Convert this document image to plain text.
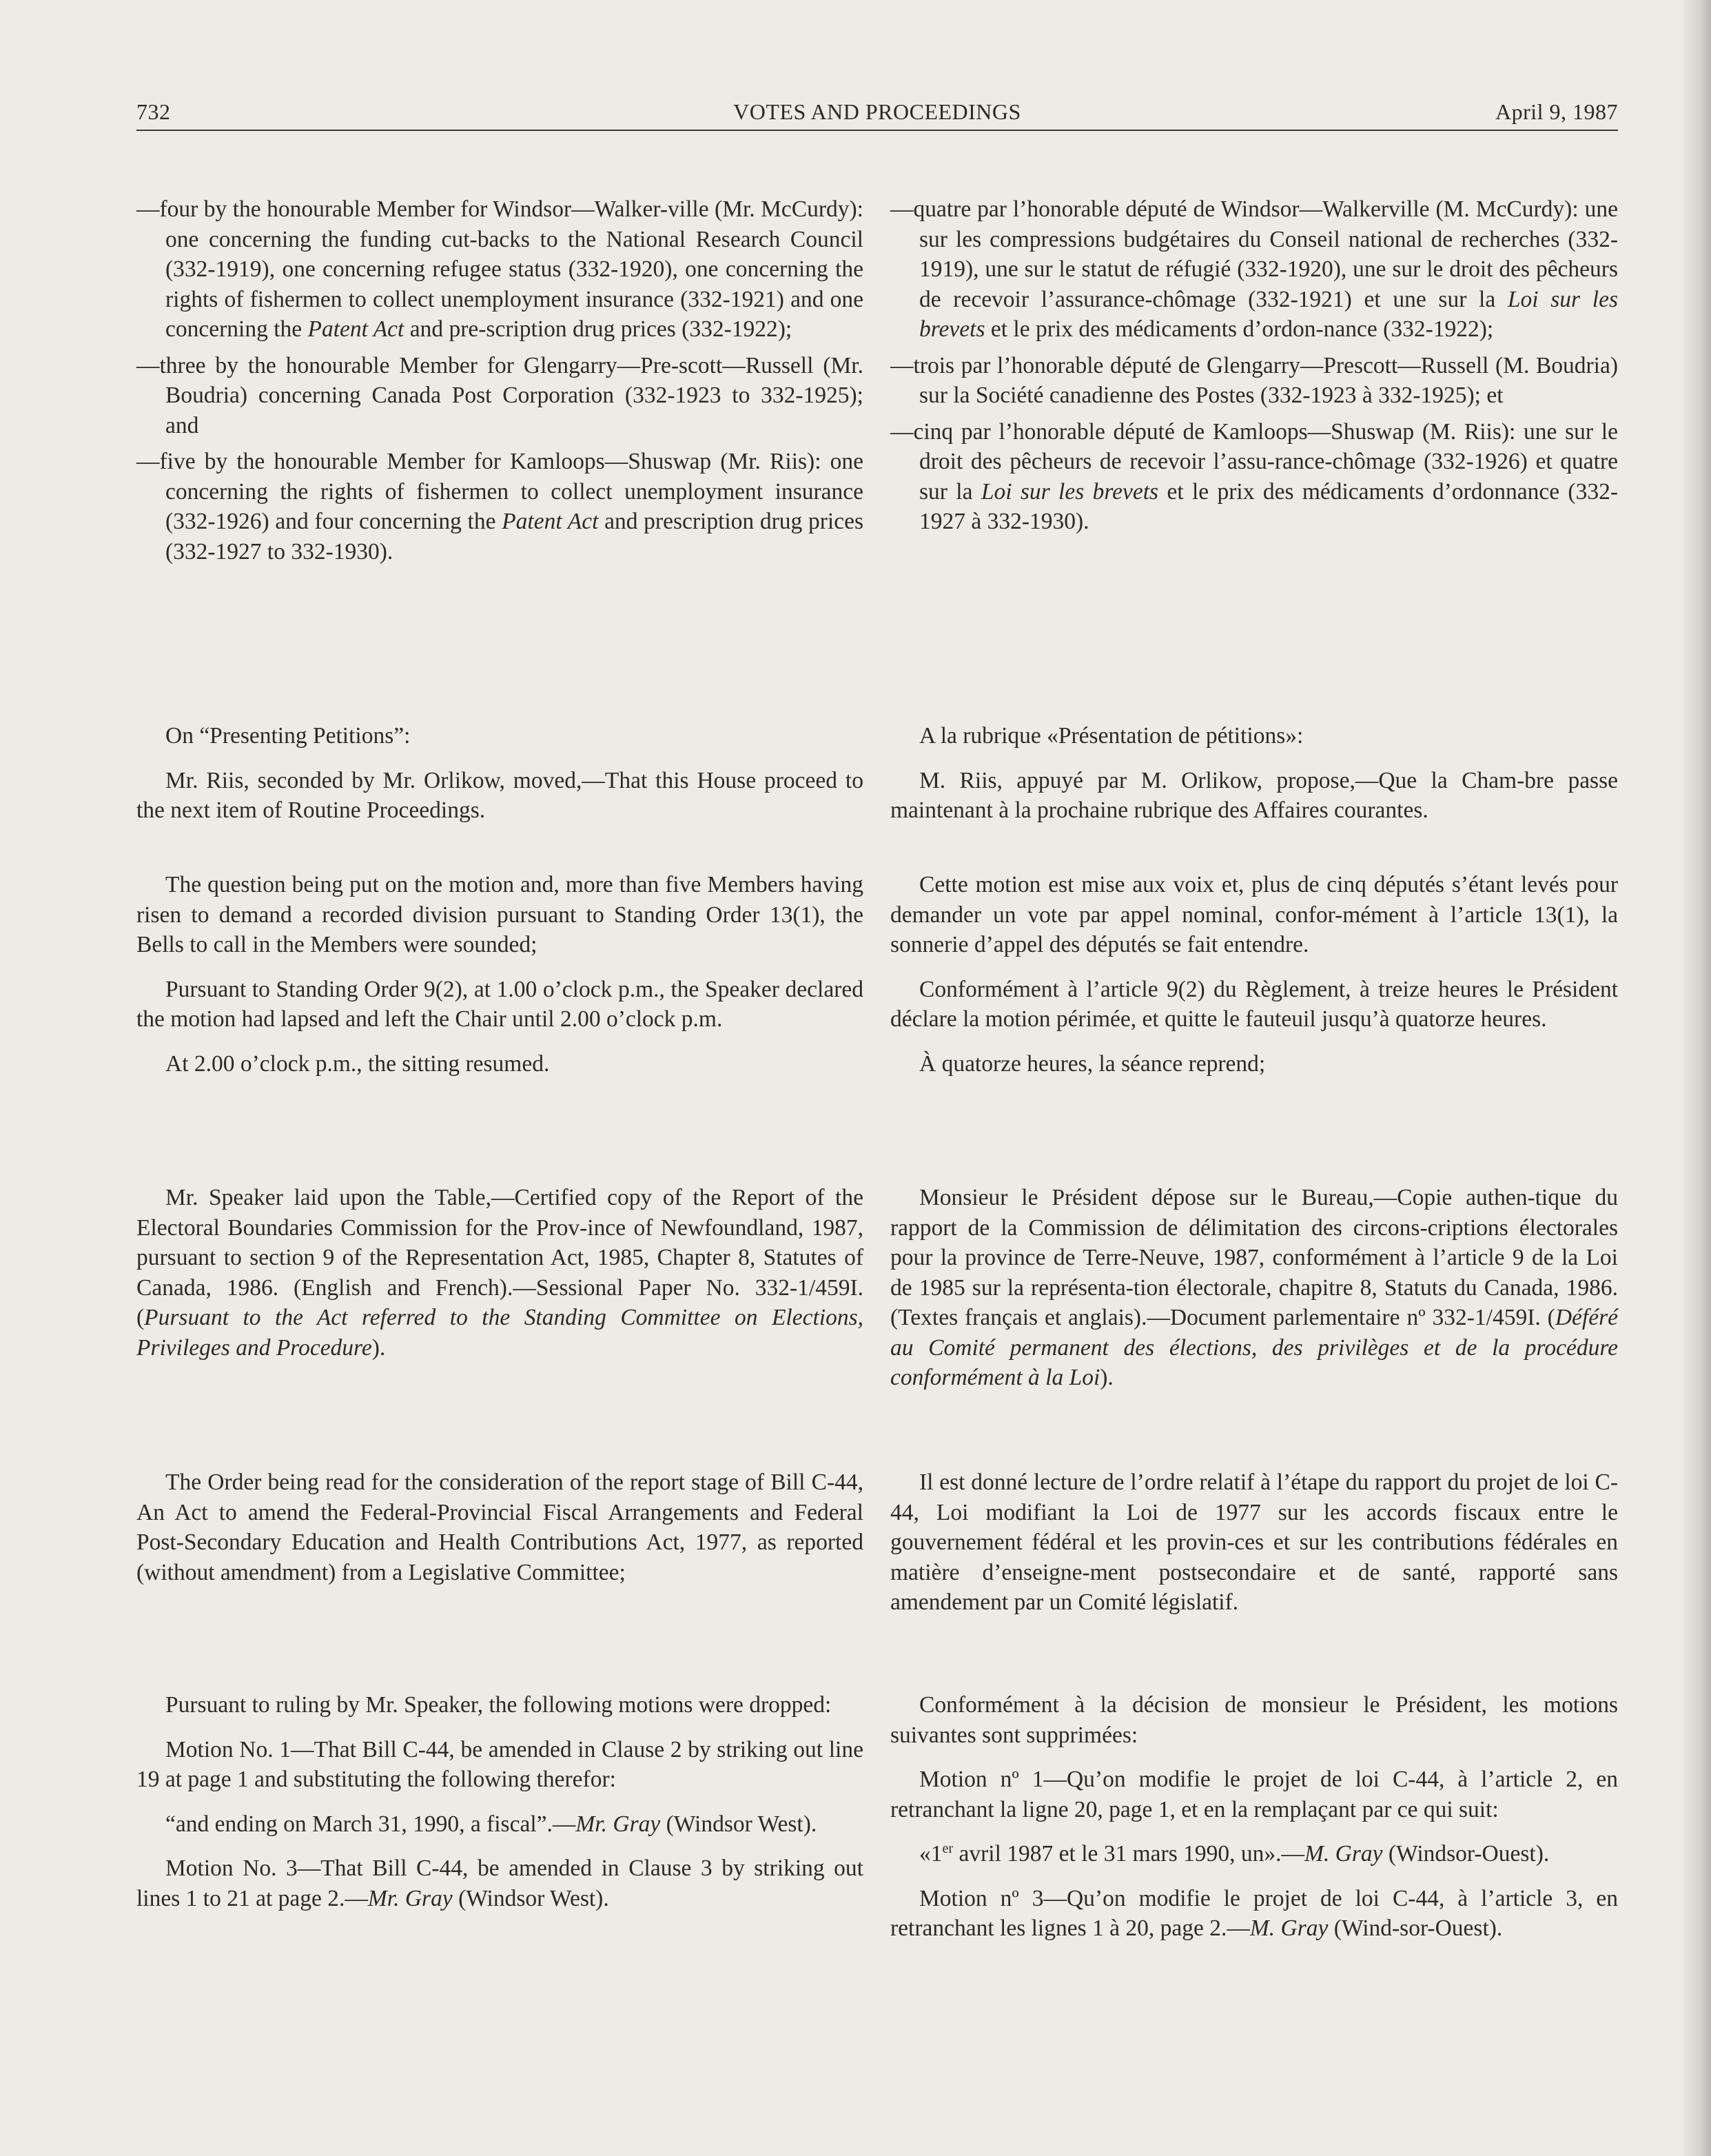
732	VOTES AND PROCEEDINGS	April 9, 1987

—four by the honourable Member for Windsor—Walker-ville (Mr. McCurdy): one concerning the funding cut-backs to the National Research Council (332-1919), one concerning refugee status (332-1920), one concerning the rights of fishermen to collect unemployment insurance (332-1921) and one concerning the Patent Act and pre-scription drug prices (332-1922);

—three by the honourable Member for Glengarry—Pre-scott—Russell (Mr. Boudria) concerning Canada Post Corporation (332-1923 to 332-1925); and

—five by the honourable Member for Kamloops—Shuswap (Mr. Riis): one concerning the rights of fishermen to collect unemployment insurance (332-1926) and four concerning the Patent Act and prescription drug prices (332-1927 to 332-1930).

On “Presenting Petitions”:

Mr. Riis, seconded by Mr. Orlikow, moved,—That this House proceed to the next item of Routine Proceedings.

The question being put on the motion and, more than five Members having risen to demand a recorded division pursuant to Standing Order 13(1), the Bells to call in the Members were sounded;

Pursuant to Standing Order 9(2), at 1.00 o’clock p.m., the Speaker declared the motion had lapsed and left the Chair until 2.00 o’clock p.m.

At 2.00 o’clock p.m., the sitting resumed.

Mr. Speaker laid upon the Table,—Certified copy of the Report of the Electoral Boundaries Commission for the Prov-ince of Newfoundland, 1987, pursuant to section 9 of the Representation Act, 1985, Chapter 8, Statutes of Canada, 1986. (English and French).—Sessional Paper No. 332-1/459I. (Pursuant to the Act referred to the Standing Committee on Elections, Privileges and Procedure).

The Order being read for the consideration of the report stage of Bill C-44, An Act to amend the Federal-Provincial Fiscal Arrangements and Federal Post-Secondary Education and Health Contributions Act, 1977, as reported (without amendment) from a Legislative Committee;

Pursuant to ruling by Mr. Speaker, the following motions were dropped:

Motion No. 1—That Bill C-44, be amended in Clause 2 by striking out line 19 at page 1 and substituting the following therefor:

“and ending on March 31, 1990, a fiscal”.—Mr. Gray (Windsor West).

Motion No. 3—That Bill C-44, be amended in Clause 3 by striking out lines 1 to 21 at page 2.—Mr. Gray (Windsor West).

—quatre par l’honorable député de Windsor—Walkerville (M. McCurdy): une sur les compressions budgétaires du Conseil national de recherches (332-1919), une sur le statut de réfugié (332-1920), une sur le droit des pêcheurs de recevoir l’assurance-chômage (332-1921) et une sur la Loi sur les brevets et le prix des médicaments d’ordon-nance (332-1922);

—trois par l’honorable député de Glengarry—Prescott—Russell (M. Boudria) sur la Société canadienne des Postes (332-1923 à 332-1925); et

—cinq par l’honorable député de Kamloops—Shuswap (M. Riis): une sur le droit des pêcheurs de recevoir l’assu-rance-chômage (332-1926) et quatre sur la Loi sur les brevets et le prix des médicaments d’ordonnance (332-1927 à 332-1930).

A la rubrique «Présentation de pétitions»:

M. Riis, appuyé par M. Orlikow, propose,—Que la Cham-bre passe maintenant à la prochaine rubrique des Affaires courantes.

Cette motion est mise aux voix et, plus de cinq députés s’étant levés pour demander un vote par appel nominal, confor-mément à l’article 13(1), la sonnerie d’appel des députés se fait entendre.

Conformément à l’article 9(2) du Règlement, à treize heures le Président déclare la motion périmée, et quitte le fauteuil jusqu’à quatorze heures.

À quatorze heures, la séance reprend;

Monsieur le Président dépose sur le Bureau,—Copie authen-tique du rapport de la Commission de délimitation des circons-criptions électorales pour la province de Terre-Neuve, 1987, conformément à l’article 9 de la Loi de 1985 sur la représenta-tion électorale, chapitre 8, Statuts du Canada, 1986. (Textes français et anglais).—Document parlementaire nº 332-1/459I. (Déféré au Comité permanent des élections, des privilèges et de la procédure conformément à la Loi).

Il est donné lecture de l’ordre relatif à l’étape du rapport du projet de loi C-44, Loi modifiant la Loi de 1977 sur les accords fiscaux entre le gouvernement fédéral et les provin-ces et sur les contributions fédérales en matière d’enseigne-ment postsecondaire et de santé, rapporté sans amendement par un Comité législatif.

Conformément à la décision de monsieur le Président, les motions suivantes sont supprimées:

Motion nº 1—Qu’on modifie le projet de loi C-44, à l’article 2, en retranchant la ligne 20, page 1, et en la remplaçant par ce qui suit:

«1er avril 1987 et le 31 mars 1990, un».—M. Gray (Windsor-Ouest).

Motion nº 3—Qu’on modifie le projet de loi C-44, à l’article 3, en retranchant les lignes 1 à 20, page 2.—M. Gray (Wind-sor-Ouest).
